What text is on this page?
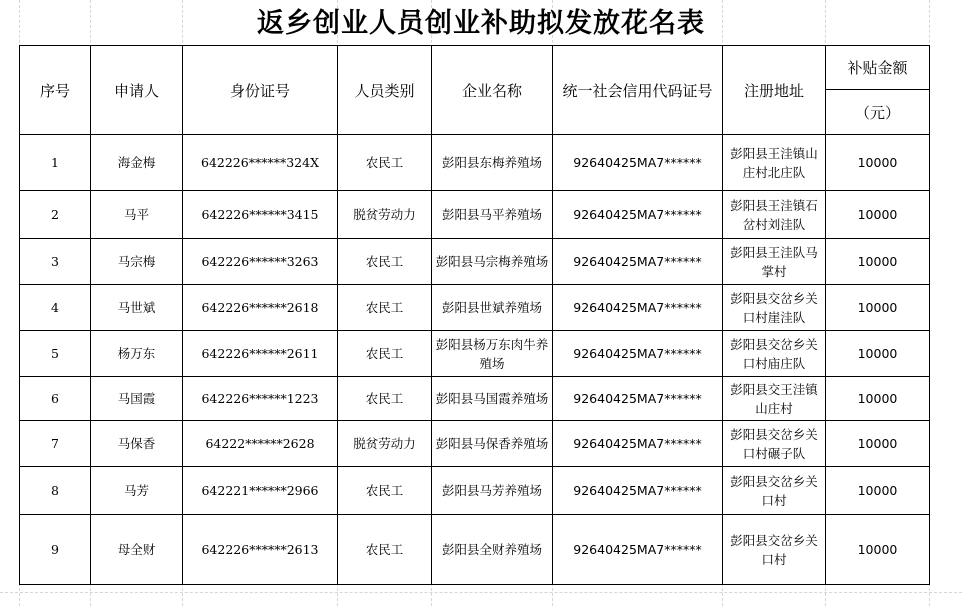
返乡创业人员创业补助拟发放花名表
序号	申请人	身份证号	人员类别	企业名称	统一社会信用代码证号	注册地址	补贴金额
							（元）
1	海金梅	642226******324X	农民工	彭阳县东梅养殖场	92640425MA7******	彭阳县王洼镇山庄村北庄队	10000
2	马平	642226******3415	脱贫劳动力	彭阳县马平养殖场	92640425MA7******	彭阳县王洼镇石岔村刘洼队	10000
3	马宗梅	642226******3263	农民工	彭阳县马宗梅养殖场	92640425MA7******	彭阳县王洼队马掌村	10000
4	马世斌	642226******2618	农民工	彭阳县世斌养殖场	92640425MA7******	彭阳县交岔乡关口村崖洼队	10000
5	杨万东	642226******2611	农民工	彭阳县杨万东肉牛养殖场	92640425MA7******	彭阳县交岔乡关口村庙庄队	10000
6	马国霞	642226******1223	农民工	彭阳县马国霞养殖场	92640425MA7******	彭阳县交王洼镇山庄村	10000
7	马保香	64222******2628	脱贫劳动力	彭阳县马保香养殖场	92640425MA7******	彭阳县交岔乡关口村碾子队	10000
8	马芳	642221******2966	农民工	彭阳县马芳养殖场	92640425MA7******	彭阳县交岔乡关口村	10000
9	母全财	642226******2613	农民工	彭阳县全财养殖场	92640425MA7******	彭阳县交岔乡关口村	10000
